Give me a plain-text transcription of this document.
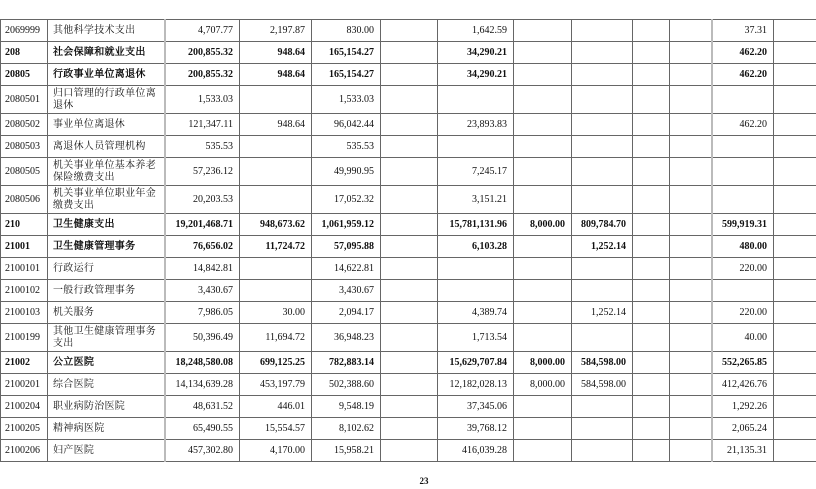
2069999	其他科学技术支出	4,707.77	2,197.87	830.00		1,642.59					37.31	
208	社会保障和就业支出	200,855.32	948.64	165,154.27		34,290.21					462.20	
20805	行政事业单位离退休	200,855.32	948.64	165,154.27		34,290.21					462.20	
2080501	归口管理的行政单位离退休	1,533.03		1,533.03								
2080502	事业单位离退休	121,347.11	948.64	96,042.44		23,893.83					462.20	
2080503	离退休人员管理机构	535.53		535.53								
2080505	机关事业单位基本养老保险缴费支出	57,236.12		49,990.95		7,245.17						
2080506	机关事业单位职业年金缴费支出	20,203.53		17,052.32		3,151.21						
210	卫生健康支出	19,201,468.71	948,673.62	1,061,959.12		15,781,131.96	8,000.00	809,784.70			599,919.31	
21001	卫生健康管理事务	76,656.02	11,724.72	57,095.88		6,103.28		1,252.14			480.00	
2100101	行政运行	14,842.81		14,622.81							220.00	
2100102	一般行政管理事务	3,430.67		3,430.67								
2100103	机关服务	7,986.05	30.00	2,094.17		4,389.74		1,252.14			220.00	
2100199	其他卫生健康管理事务支出	50,396.49	11,694.72	36,948.23		1,713.54					40.00	
21002	公立医院	18,248,580.08	699,125.25	782,883.14		15,629,707.84	8,000.00	584,598.00			552,265.85	
2100201	综合医院	14,134,639.28	453,197.79	502,388.60		12,182,028.13	8,000.00	584,598.00			412,426.76	
2100204	职业病防治医院	48,631.52	446.01	9,548.19		37,345.06					1,292.26	
2100205	精神病医院	65,490.55	15,554.57	8,102.62		39,768.12					2,065.24	
2100206	妇产医院	457,302.80	4,170.00	15,958.21		416,039.28					21,135.31	
23
